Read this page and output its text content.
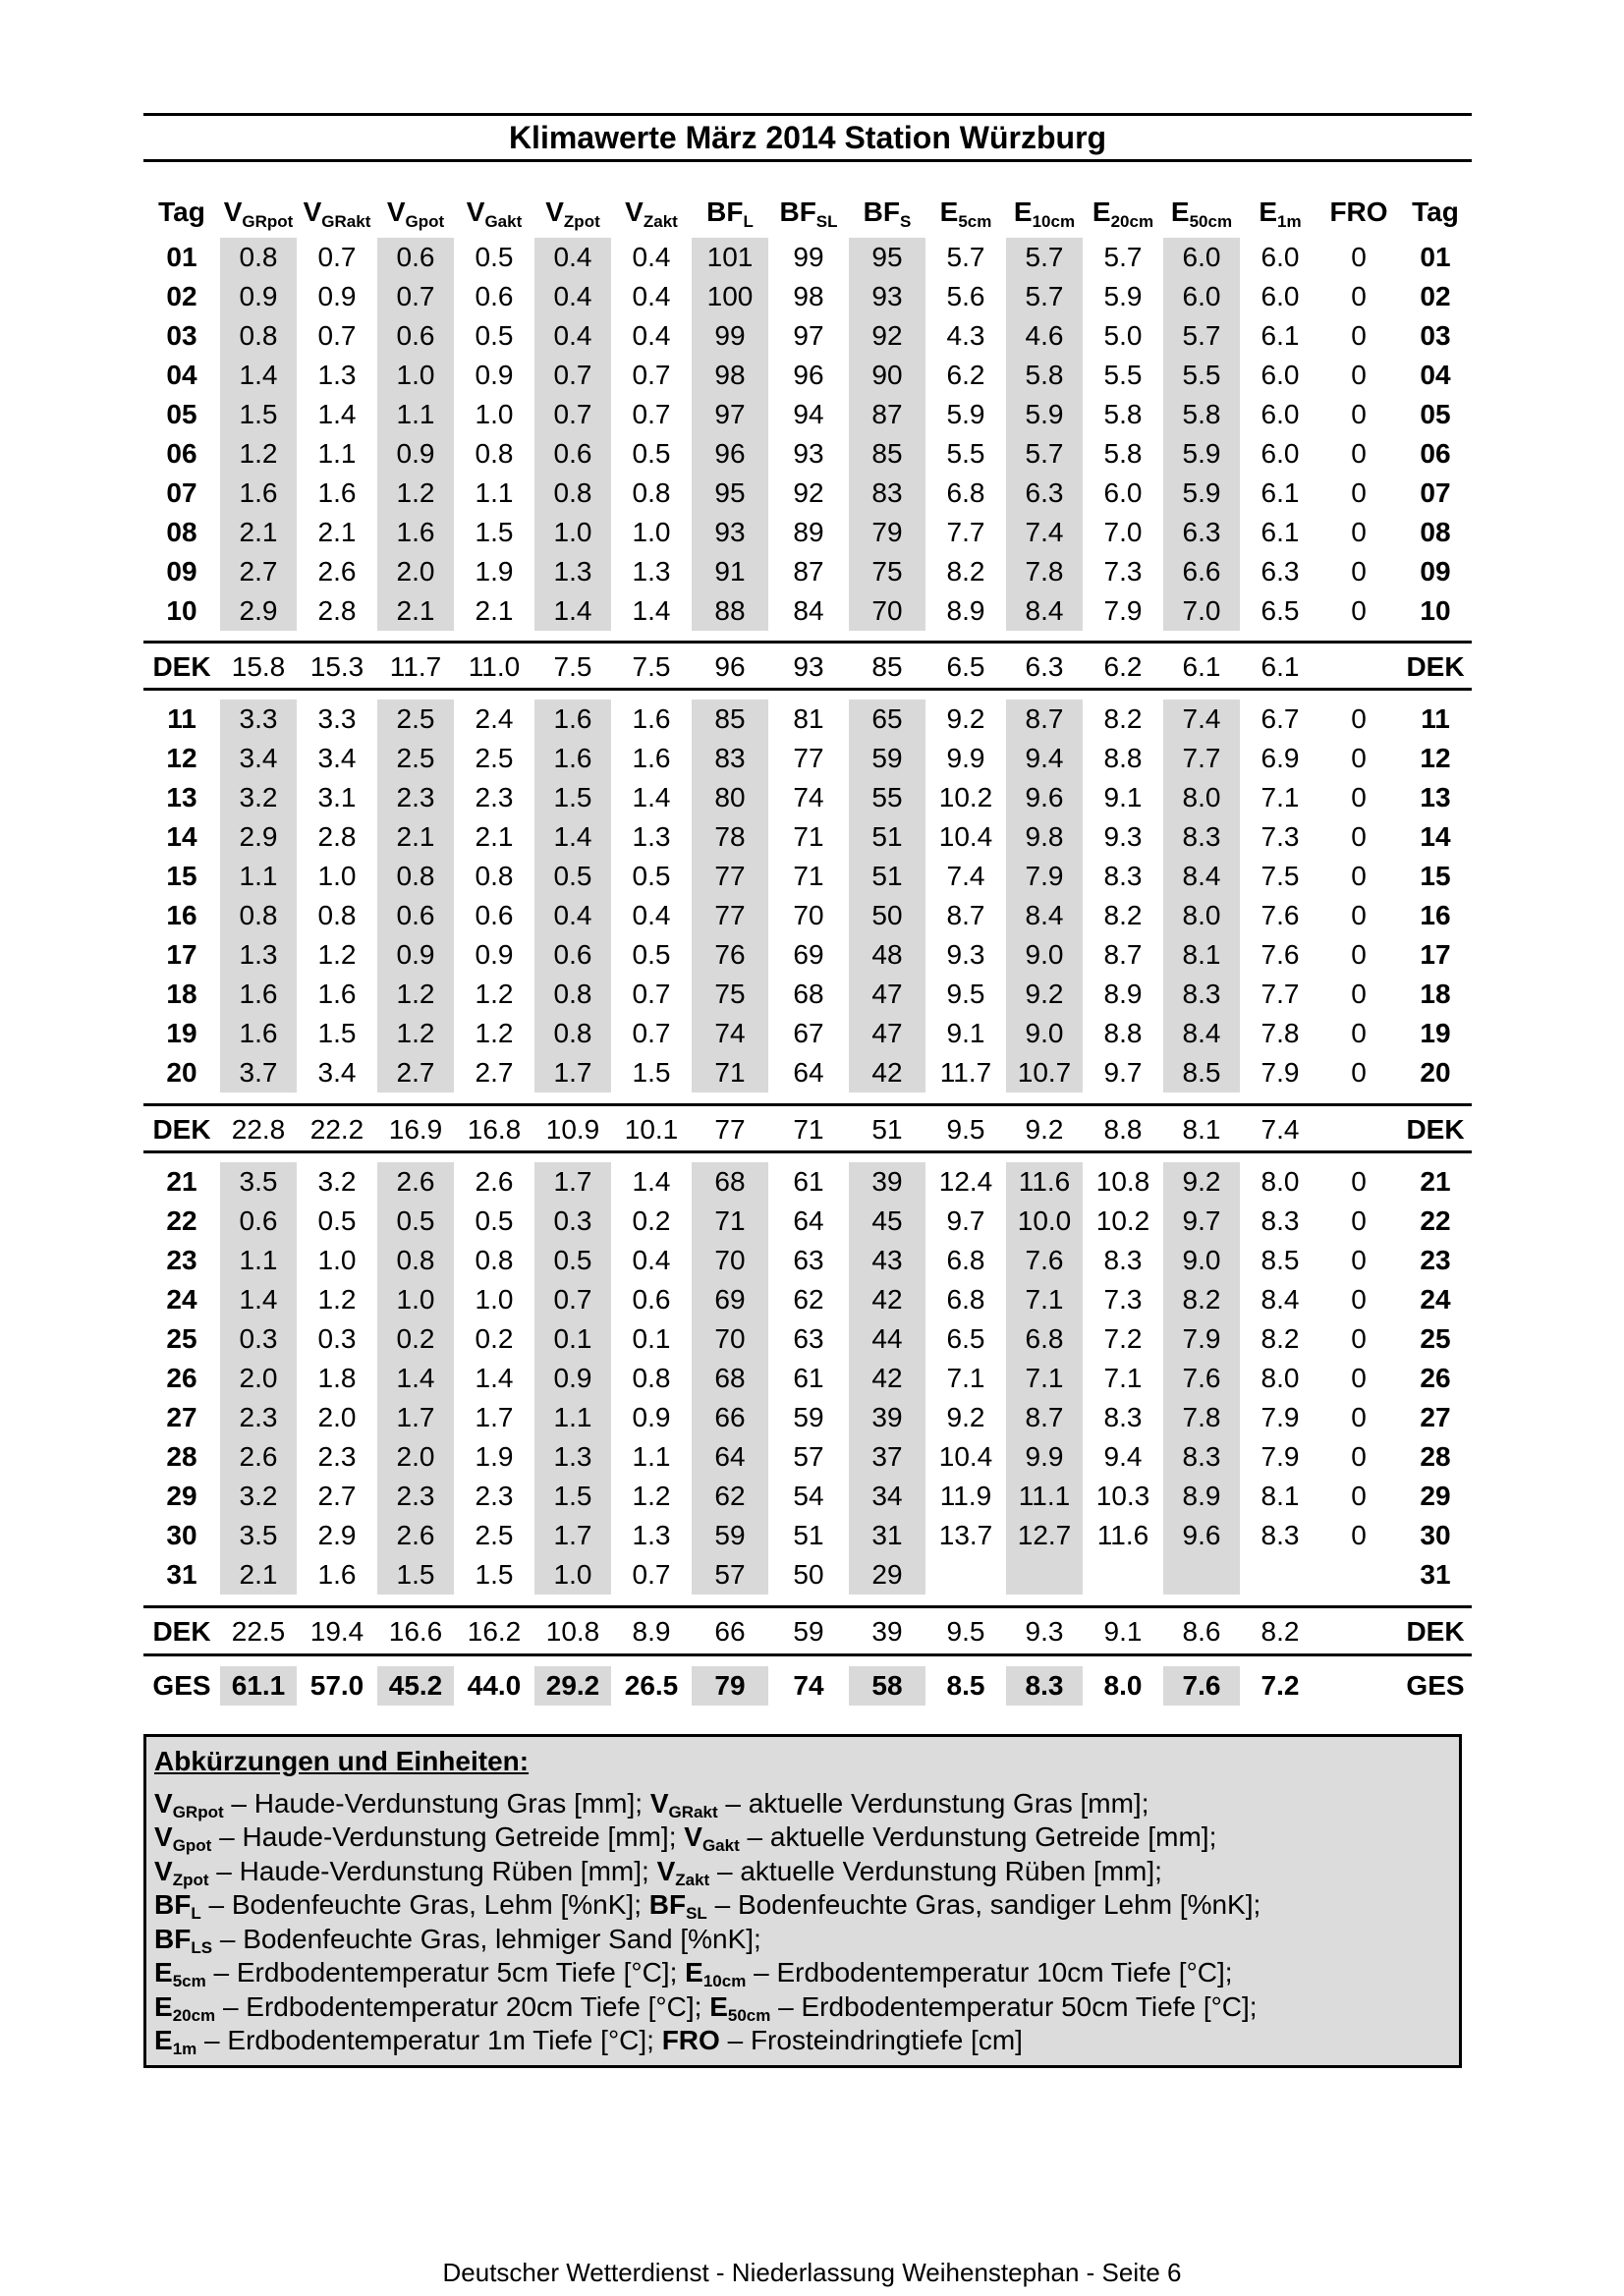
Klimawerte März 2014 Station Würzburg
Tag $V_{GRpot}$ $V_{GRakt}$ $V_{Gpot}$ $V_{Gakt}$ $V_{Zpot}$ $V_{Zakt}$	$BF_L$ $BF_{SL}$ $BF_S$	$E_{5cm}$ $E_{10cm}$ $E_{20cm}$ $E_{50cm}$ $E_{1m}$	FRO Tag
01	0.8	0.7	0.6	0.5	0.4	0.4	101	99	95	5.7	5.7	5.7	6.0	6.0	0	01
02	0.9	0.9	0.7	0.6	0.4	0.4	100	98	93	5.6	5.7	5.9	6.0	6.0	0	02
03	0.8	0.7	0.6	0.5	0.4	0.4	99	97	92	4.3	4.6	5.0	5.7	6.1	0	03
04	1.4	1.3	1.0	0.9	0.7	0.7	98	96	90	6.2	5.8	5.5	5.5	6.0	0	04
05	1.5	1.4	1.1	1.0	0.7	0.7	97	94	87	5.9	5.9	5.8	5.8	6.0	0	05
06	1.2	1.1	0.9	0.8	0.6	0.5	96	93	85	5.5	5.7	5.8	5.9	6.0	0	06
07	1.6	1.6	1.2	1.1	0.8	0.8	95	92	83	6.8	6.3	6.0	5.9	6.1	0	07
08	2.1	2.1	1.6	1.5	1.0	1.0	93	89	79	7.7	7.4	7.0	6.3	6.1	0	08
09	2.7	2.6	2.0	1.9	1.3	1.3	91	87	75	8.2	7.8	7.3	6.6	6.3	0	09
10	2.9	2.8	2.1	2.1	1.4	1.4	88	84	70	8.9	8.4	7.9	7.0	6.5	0	10
DEK 15.8 15.3 11.7 11.0	7.5	7.5	96	93	85	6.5	6.3	6.2	6.1	6.1	DEK
11	3.3	3.3	2.5	2.4	1.6	1.6	85	81	65	9.2	8.7	8.2	7.4	6.7	0	11
12	3.4	3.4	2.5	2.5	1.6	1.6	83	77	59	9.9	9.4	8.8	7.7	6.9	0	12
13	3.2	3.1	2.3	2.3	1.5	1.4	80	74	55	10.2	9.6	9.1	8.0	7.1	0	13
14	2.9	2.8	2.1	2.1	1.4	1.3	78	71	51	10.4	9.8	9.3	8.3	7.3	0	14
15	1.1	1.0	0.8	0.8	0.5	0.5	77	71	51	7.4	7.9	8.3	8.4	7.5	0	15
16	0.8	0.8	0.6	0.6	0.4	0.4	77	70	50	8.7	8.4	8.2	8.0	7.6	0	16
17	1.3	1.2	0.9	0.9	0.6	0.5	76	69	48	9.3	9.0	8.7	8.1	7.6	0	17
18	1.6	1.6	1.2	1.2	0.8	0.7	75	68	47	9.5	9.2	8.9	8.3	7.7	0	18
19	1.6	1.5	1.2	1.2	0.8	0.7	74	67	47	9.1	9.0	8.8	8.4	7.8	0	19
20	3.7	3.4	2.7	2.7	1.7	1.5	71	64	42	11.7 10.7	9.7	8.5	7.9	0	20
DEK 22.8 22.2 16.9 16.8 10.9 10.1	77	71	51	9.5	9.2	8.8	8.1	7.4	DEK
21	3.5	3.2	2.6	2.6	1.7	1.4	68	61	39	12.4 11.6 10.8	9.2	8.0	0	21
22	0.6	0.5	0.5	0.5	0.3	0.2	71	64	45	9.7	10.0 10.2	9.7	8.3	0	22
23	1.1	1.0	0.8	0.8	0.5	0.4	70	63	43	6.8	7.6	8.3	9.0	8.5	0	23
24	1.4	1.2	1.0	1.0	0.7	0.6	69	62	42	6.8	7.1	7.3	8.2	8.4	0	24
25	0.3	0.3	0.2	0.2	0.1	0.1	70	63	44	6.5	6.8	7.2	7.9	8.2	0	25
26	2.0	1.8	1.4	1.4	0.9	0.8	68	61	42	7.1	7.1	7.1	7.6	8.0	0	26
27	2.3	2.0	1.7	1.7	1.1	0.9	66	59	39	9.2	8.7	8.3	7.8	7.9	0	27
28	2.6	2.3	2.0	1.9	1.3	1.1	64	57	37	10.4	9.9	9.4	8.3	7.9	0	28
29	3.2	2.7	2.3	2.3	1.5	1.2	62	54	34	11.9 11.1 10.3	8.9	8.1	0	29
30	3.5	2.9	2.6	2.5	1.7	1.3	59	51	31	13.7 12.7 11.6	9.6	8.3	0	30
31	2.1	1.6	1.5	1.5	1.0	0.7	57	50	29	31
DEK 22.5 19.4 16.6 16.2 10.8	8.9	66	59	39	9.5	9.3	9.1	8.6	8.2	DEK
GES 61.1 57.0 45.2 44.0 29.2 26.5	79	74	58	8.5	8.3	8.0	7.6	7.2	GES
Abkürzungen und Einheiten:
$V_{GRpot}$ – Haude-Verdunstung Gras [mm]; $V_{GRakt}$ – aktuelle Verdunstung Gras [mm];
$V_{Gpot}$ – Haude-Verdunstung Getreide [mm]; $V_{Gakt}$ – aktuelle Verdunstung Getreide [mm];
$V_{Zpot}$ – Haude-Verdunstung Rüben [mm]; $V_{Zakt}$ – aktuelle Verdunstung Rüben [mm];
$BF_L$ – Bodenfeuchte Gras, Lehm [%nK]; $BF_{SL}$ – Bodenfeuchte Gras, sandiger Lehm [%nK];
$BF_{LS}$ – Bodenfeuchte Gras, lehmiger Sand [%nK];
$E_{5cm}$ – Erdbodentemperatur 5cm Tiefe [°C]; $E_{10cm}$ – Erdbodentemperatur 10cm Tiefe [°C];
$E_{20cm}$ – Erdbodentemperatur 20cm Tiefe [°C]; $E_{50cm}$ – Erdbodentemperatur 50cm Tiefe [°C];
$E_{1m}$ – Erdbodentemperatur 1m Tiefe [°C]; FRO – Frosteindringtiefe [cm]
Deutscher Wetterdienst - Niederlassung Weihenstephan - Seite 6
